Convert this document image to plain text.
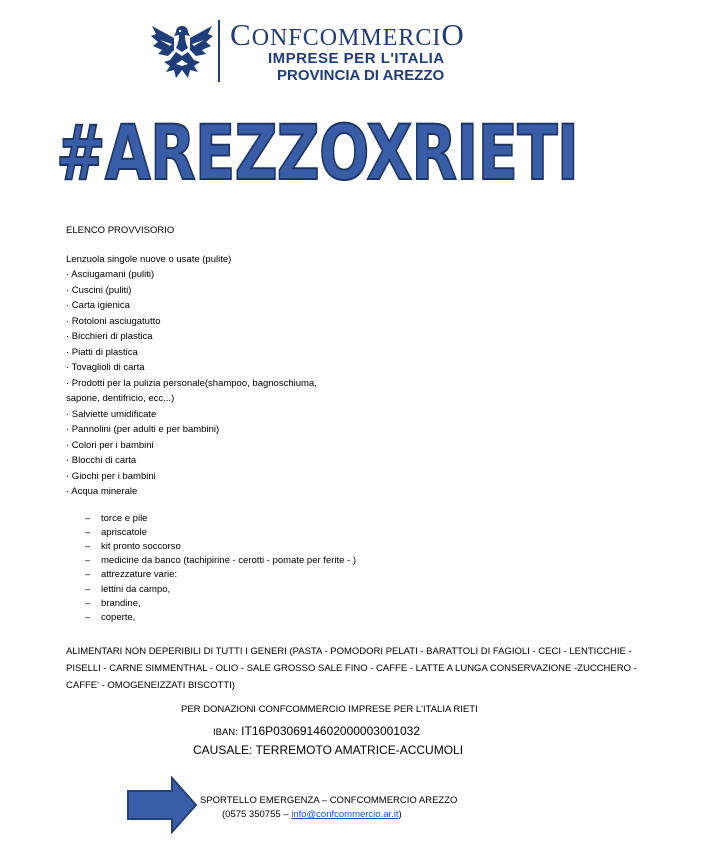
CONFCOMMERCIO

IMPRESE PER L'ITALIA

PROVINCIA DI AREZZO

#AREZZOXRIETI

ELENCO PROVVISORIO

Lenzuola singole nuove o usate (pulite)

· Asciugamani (puliti)

· Cuscini (puliti)

· Carta igienica

· Rotoloni asciugatutto

· Bicchieri di plastica

· Piatti di plastica

· Tovaglioli di carta

· Prodotti per la pulizia personale(shampoo, bagnoschiuma,

sapone, dentifricio, ecc...)

· Salviette umidificate

· Pannolini (per adulti e per bambini)

· Colori per i bambini

· Blocchi di carta

· Giochi per i bambini

· Acqua minerale

– torce e pile
– apriscatole
– kit pronto soccorso
– medicine da banco (tachipirine - cerotti - pomate per ferite - )
– attrezzature varie:
– lettini da campo,
– brandine,
– coperte,

ALIMENTARI NON DEPERIBILI DI TUTTI I GENERI (PASTA - POMODORI PELATI - BARATTOLI DI FAGIOLI - CECI - LENTICCHIE - PISELLI - CARNE SIMMENTHAL - OLIO - SALE GROSSO SALE FINO - CAFFE - LATTE A LUNGA CONSERVAZIONE -ZUCCHERO - CAFFE' - OMOGENEIZZATI BISCOTTI)

PER DONAZIONI CONFCOMMERCIO IMPRESE PER L'ITALIA RIETI

IBAN: IT16P0306914602000003001032

CAUSALE: TERREMOTO AMATRICE-ACCUMOLI

SPORTELLO EMERGENZA – CONFCOMMERCIO AREZZO

(0575 350755 – info@confcommercio.ar.it)
